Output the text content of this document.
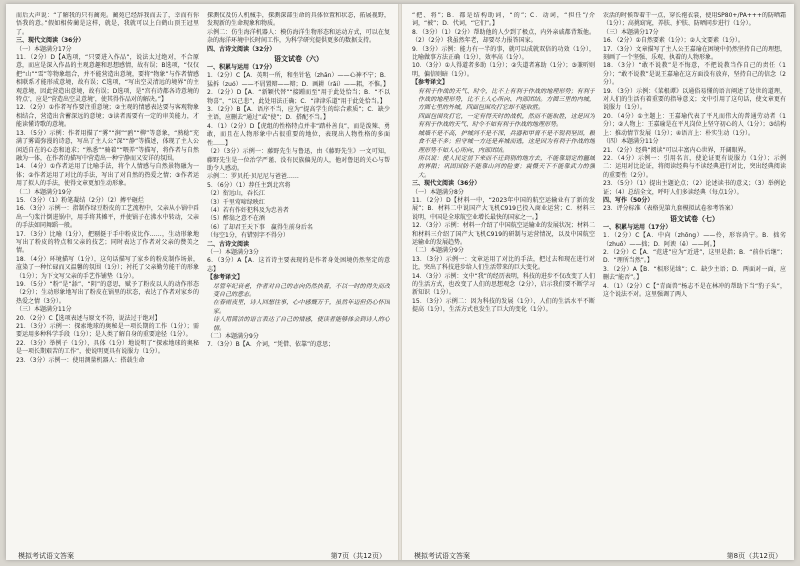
而后大声说：“了解我的只有蔺苑。蔺苑已经辞我而去了，幸而有你悟我的意。”假如相传蔺是这样，就是，我就可以上白鹤山顶王冠里了。

三、现代文阅读（36分）

（一）本题满分17分

11．（2分）D【A选项，“只要进入作品”，说法太过绝对，不合原意，而应是深入作品的主观意趣和思想感情，故有误；B选项，“仅仅把“山”“雪”等物象组合，并不能营造出意境，要将“物象”与作者情感相联系才能形成意境，故有误；C选项，“写出空灵清远的境界”的主观意境，因此营造出意境，故有误；D选项，是“宫有诗都各诗意境的特点’，应是“营造出空灵意境’，使其得作品对的解决。”】

12．（2分）①作者写作要注重意境；②主观的情感表达要与客观物象相结合，营造出含蓄深远的意境；③读者需要有一定的审美能力，才能读懂诗歌的意境。

13．（5分）示例：作者用描了“雾”“涧”“鸥”“柳”等意象，“熟稔”充满了雾霭弥漫的诗意，写出了主人公“深”“静”等描述，体现了主人公闲适自在的心态和追求；“熟悉”“骑着”“喂养”等描写，将作者与自然融为一体，在作者的描写中营造出一种宁静而又安详的氛围。

14．（4分）①作者运用了比喻手法，将个人情感与自然景物融为一体；②作者运用了对比的手法，写出了对自然的热爱之情；③作者运用了拟人的手法，使得文章更加生动形象。

（二）本题满分19分

15．（3分）（1）粉笔凝结（2分）（2）搏平砸烂

16．（3分）示例一：指制作绿豆粉皮的工艺流程中，父亲从小锅中舀出一勺浆汁倒进锅中，用手将其摊平，并使锅子在沸水中转动，父亲的手法如同舞蹈一般。

17．（3分）比喻（1分），把剔挺于手中粉皮比作……，生动形象地写出了粉皮的特点和父亲的技艺；同时表达了作者对父亲的赞美之情。

18．（4分）环境描写（1分），这句话描写了家乡的粉皮制作场景，渲染了一种忙碌而又温馨的氛围（1分）；衬托了父亲勤劳能干的形象（1分）；为下文写父亲的手艺作铺垫（1分）。

19．（5分）“粉”是“舔”、“阴”的意思，赋予了粉皮以人的动作形态（2分）；生动形象地写出了粉皮在锅里的状态，表达了作者对家乡的热爱之情（3分）。

（三）本题满分11分

20．（2分）C【选项表述与原文不符，说法过于绝对】

21．（3分）示例一：探索地球的奥秘是一项长期的工作（1分）；需要运用多种科学手段（1分）；是人类了解自身的重要途径（1分）。

22．（3分）举例子（1分），具体（1分）地说明了“探索地球的奥秘是一项长期艰苦的工作”，使说明更具有说服力（1分）。

23．（3分）示例一：使用测量机器人：搭载生命

探测仪及仿人机械手，探测深部生命的具体位置和状态，拓展视野，发现新的生命现象和物质。

示例二：仿生海洋机器人：模仿海洋生物形态和运动方式，可以在复杂的海洋环境中长时间工作，为科学研究提供更多的数据支持。

四、古诗文阅读（32分）

语文试卷（六）

一、积累与运用（17分）

1．（2分）C【A．英明一所，和坐针毡（zhān）——心神不宁；B．猛拆（zuó）——不屑置辩——辩；D．画耕（rǎi）——耜，不惟。】

2．（2分）D【A．“新颖代替”“接踵而至”用于此处恰当；B．“不以物喜”，“以己悲”，此处用法正确；C．“津津乐道”用于此处恰当。】

3．（2分）B【A．语序不当，应为“提高学生的综合素质”；C．缺少主语，应删去“通过”或“使”；D．搭配不当。】

4．（1）（2分）D【虎组的性格特点并非“踏朴善良”，而是泼辣、勇敢，而且在人物形象中占很重要的地位，表现出人物性格的多面性……】

（2）（3分）示例一：藤野先生与鲁迅，由《藤野先生》一文可知，藤野先生是一位治学严谨、没有民族偏见的人，他对鲁迅的关心与帮助令人感动。

示例二：罗贝托·贝尼尼与爸爸……

5．（6分）（1）荐任主到北宫将

（2）衔远山，吞长江

（3）千里莺啼绿映红

（4）若有作奸犯科及为忠善者

（5）醉翁之意不在酒

（6）了却君王天下事　赢得生前身后名

（每空1分，有错别字不得分）

二、古诗文阅读

（一）本题满分3分

6．（3分）A【A．这首诗主要表现的是作者身处困境仍然坚定的意志】

【参考译文】

尽管年纪衰老，作者对自己的志向仍然执着，不以一时的得失而改变自己的意志。

在春雨夜里，诗人回想往事，心中感慨万千，虽然年迈但仍心怀国家。

诗人用简洁的语言表达了自己的情感，使读者能够体会到诗人的心情。

（二）本题满分9分

7．（3分）B【A．介词，“凭借、依靠”的意思；

模拟考试语文答案	第7页（共12页）

“把、将”；B．都是结构助词，“的”；C．动词，“担任”/介词，“被”；D．代词，“它们”。】

8．（3分）（1）（2分）帮助他的人少到了极点，内外亲戚都背叛他。（2）（2分）我虽然年老，却要尽力报答国家。

9．（3分）示例：能力有一半的事，就可以成就双倍的功效（1分），比喻做事方法正确（1分），效率高（1分）。

10．（3分）①人得道者多助（1分）；②失道者寡助（1分）；③兼听则明，偏信则暗（1分）。

【参考译文】

有利于作战的天气、时令，比不上有利于作战的地理形势；有利于作战的地理形势，比不上人心所向、内部团结。方圆三里的内城，方圆七里的外城，四面包围攻打它却不能取胜。

四面包围攻打它，一定有得天时的战机，然而不能取胜，这是因为有利于作战的天气、时令不如有利于作战的地理形势。

城墙不是不高，护城河不是不深，兵器和甲胄不是不锐利坚固，粮食不是不多；但守城一方还是弃城而逃，这是因为有利于作战的地理形势不如人心所向、内部团结。

所以说：使人民定居下来而不迁到别的地方去，不能靠划定的疆域的界限；巩固国防不能靠山河的险要；震慑天下不能靠武力的强大。

三、现代文阅读（36分）

（一）本题满分8分

11．（2分）D【材料一中，“2023年中国的航空运输业有了新的发展”；B．材料二中说国产大飞机C919已投入商业运营；C．材料三说明，中国是全球航空业增长最快的国家之一。】

12．（3分）示例：材料一介绍了中国航空运输业的发展状况；材料二和材料三介绍了国产大飞机C919的研制与运营情况，以及中国航空运输业的发展趋势。

（二）本题满分9分

13．（3分）示例一：文章运用了对比的手法，把过去和现在进行对比，突出了科技进步给人们生活带来的巨大变化。

14．（3分）示例：文中“我”的经历表明，科技的进步不仅改变了人们的生活方式，也改变了人们的思想观念（2分），启示我们要不断学习新知识（1分）。

15．（3分）示例二：因为科技的发展（1分），人们的生活水平不断提高（1分），生活方式也发生了巨大的变化（1分）。

农活的时候帮着干一点，穿长袍衣裳，使用SP80+/PA+++的防晒霜（1分）；高挑窈窕，养肤、护肤、防晒同步进行（1分）。

（三）本题满分17分

16．（2分）①自然要素（1分）；②人文要素（1分）。

17．（3分）文章描写了主人公王嘉瑜在困境中仍然坚持自己的理想，刻画了一个坚强、乐观、执着的人物形象。

18．（3分）“敢不说教”是不悔意，不把说教当作自己的责任（1分）；“敢不说教”是说王嘉瑜在这方面没有放弃，坚持自己的信念（2分）。

19．（3分）示例：《菜根谭》以通俗易懂的语言阐述了处世的道理，对人们的生活有着重要的指导意义；文中引用了这句话，使文章更有说服力（1分）。

20．（4分）①主题上：王嘉瑜代表了平凡而伟大的普通劳动者（1分）；②人物上：王嘉瑜是在平凡岗位上坚守初心的人（1分）；③结构上：推动情节发展（1分）；④语言上：朴实生动（1分）。

（四）本题满分11分

21．（2分）经典“阅读”可以丰富内心世界，开阔眼界。

22．（4分）示例一：引用名言，使论证更有说服力（1分）；示例二：运用对比论证，将阅读经典与不读经典进行对比，突出经典阅读的重要性（2分）。

23．（5分）（1）提出主题论点；（2）论述读书的意义；（3）举例论证；（4）总结全文，呼吁人们多读经典（每点1分）。

四、写作（50分）

23．评分标准（表格见第九套模拟试卷参考答案）

语文试卷（七）

一、积累与运用（17分）

1．（2分）C【A．中向（zhōng）——伶，形容尚宁。B．拙劣（zhuō）——拙；D．阿谀（ē）——阿。】

2．（2分）C【A．“范进”应为“近进”，这里是指；B．“前仆后继”；D．“理所当然”。】

3．（2分）A【B．“相形见绌”；C．缺少主语；D．两面对一面，应删去“能否”。】

4．（1）（2分）C【“青面兽”杨志不是在林冲的帮助下当“豹子头”，这个说法不对。这里强调了两人

模拟考试语文答案	第8页（共12页）
